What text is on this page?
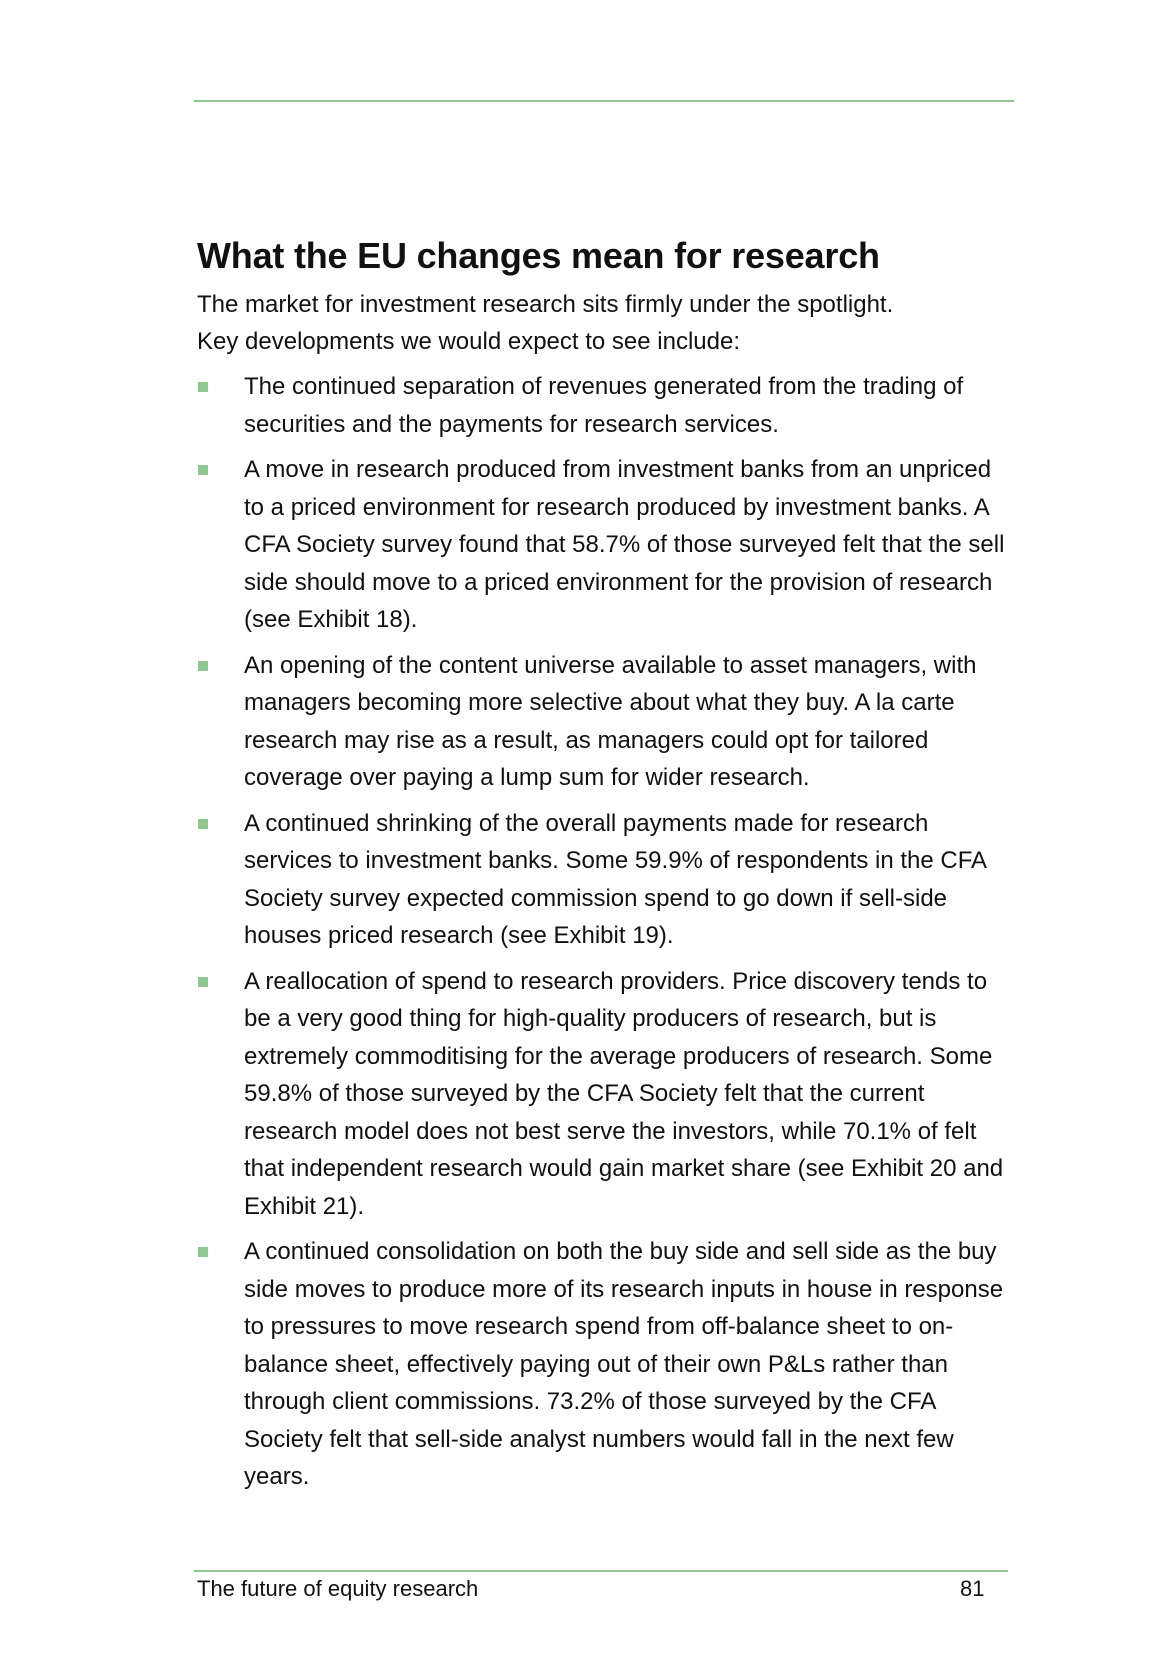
What the EU changes mean for research

The market for investment research sits firmly under the spotlight.
Key developments we would expect to see include:

The continued separation of revenues generated from the trading of securities and the payments for research services.
A move in research produced from investment banks from an unpriced to a priced environment for research produced by investment banks. A CFA Society survey found that 58.7% of those surveyed felt that the sell side should move to a priced environment for the provision of research (see Exhibit 18).
An opening of the content universe available to asset managers, with managers becoming more selective about what they buy. A la carte research may rise as a result, as managers could opt for tailored coverage over paying a lump sum for wider research.
A continued shrinking of the overall payments made for research services to investment banks. Some 59.9% of respondents in the CFA Society survey expected commission spend to go down if sell-side houses priced research (see Exhibit 19).
A reallocation of spend to research providers. Price discovery tends to be a very good thing for high-quality producers of research, but is extremely commoditising for the average producers of research. Some 59.8% of those surveyed by the CFA Society felt that the current research model does not best serve the investors, while 70.1% of felt that independent research would gain market share (see Exhibit 20 and Exhibit 21).
A continued consolidation on both the buy side and sell side as the buy side moves to produce more of its research inputs in house in response to pressures to move research spend from off-balance sheet to on-balance sheet, effectively paying out of their own P&Ls rather than through client commissions. 73.2% of those surveyed by the CFA Society felt that sell-side analyst numbers would fall in the next few years.
The future of equity research	81
